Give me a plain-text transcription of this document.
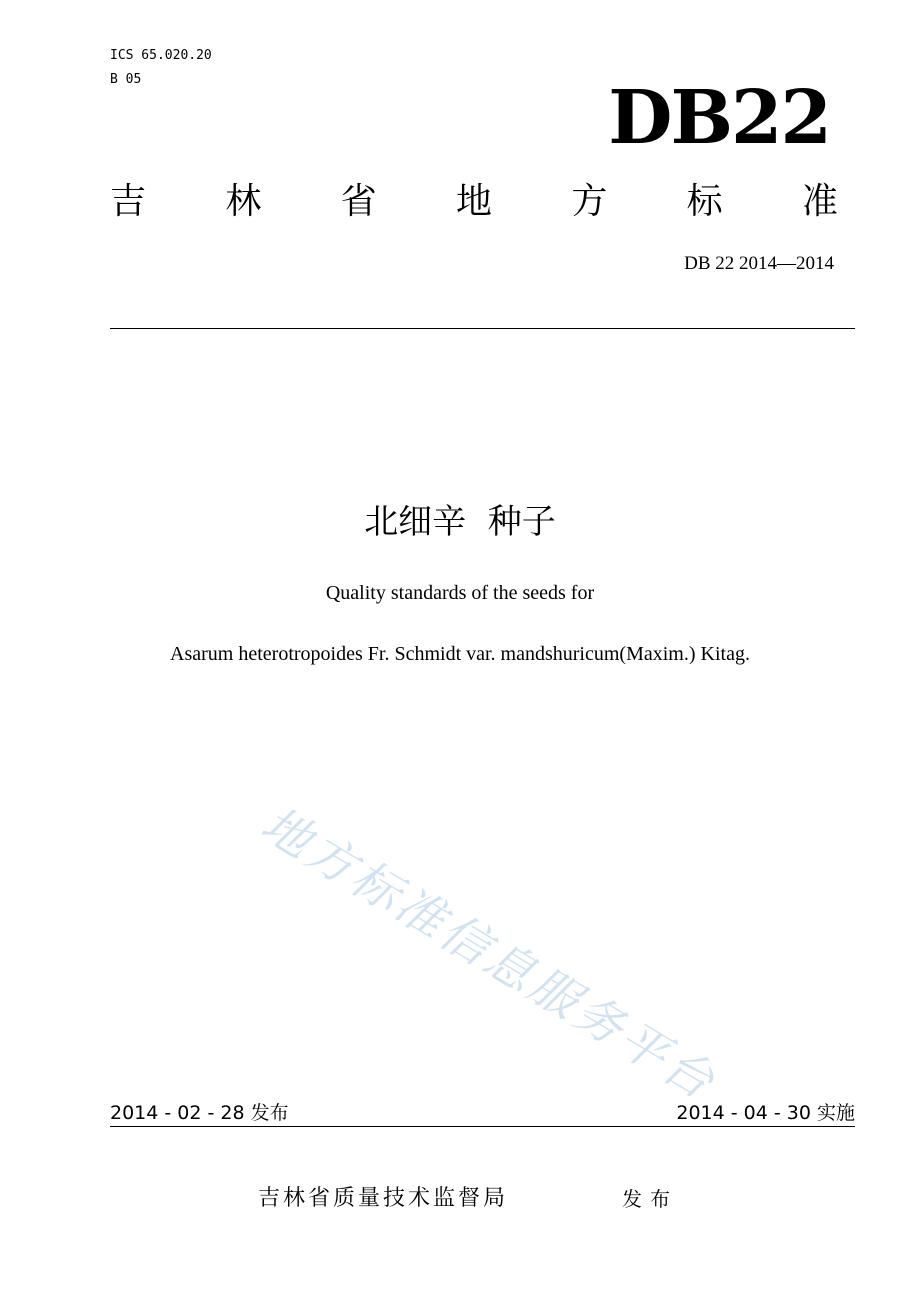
ICS 65.020.20
B 05	DB22
吉 林 省 地 方 标 准
DB 22 2014—2014
北细辛  种子
Quality standards of the seeds for
Asarum heterotropoides Fr. Schmidt var. mandshuricum(Maxim.) Kitag.
地方标准信息服务平台
2014 - 02 - 28 发布	2014 - 04 - 30 实施
吉林省质量技术监督局	发布
